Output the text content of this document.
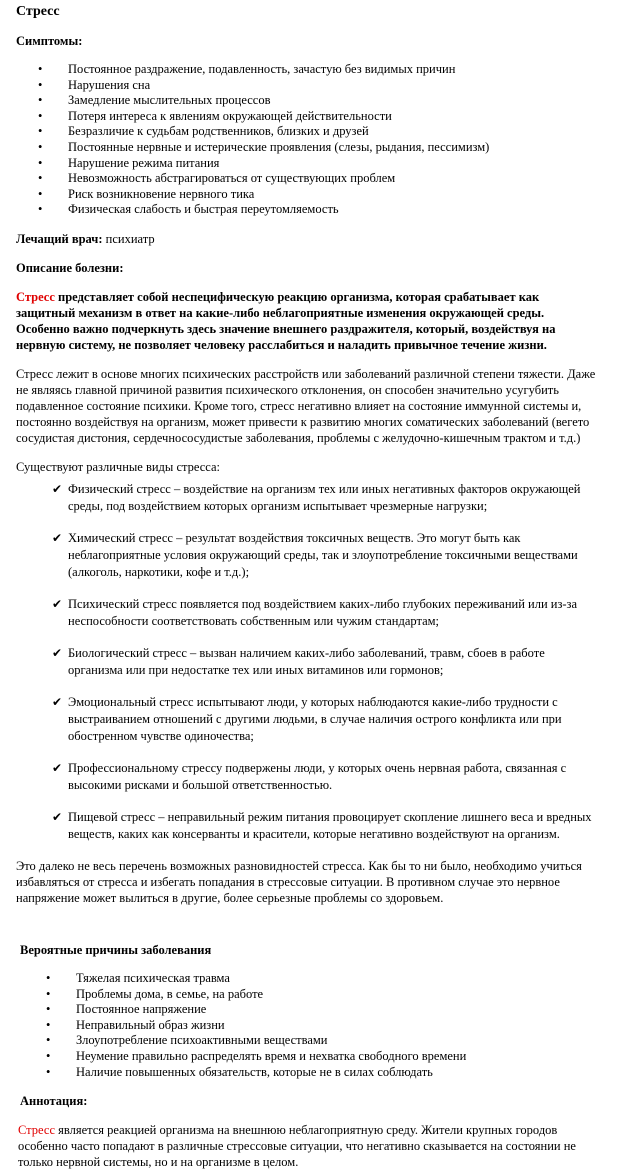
Стресс
Симптомы:
• Постоянное раздражение, подавленность, зачастую без видимых причин
• Нарушения сна
• Замедление мыслительных процессов
• Потеря интереса к явлениям окружающей действительности
• Безразличие к судьбам родственников, близких и друзей
• Постоянные нервные и истерические проявления (слезы, рыдания, пессимизм)
• Нарушение режима питания
• Невозможность абстрагироваться от существующих проблем
• Риск возникновение нервного тика
• Физическая слабость и быстрая переутомляемость
Лечащий врач: психиатр
Описание болезни:
Стресс представляет собой неспецифическую реакцию организма, которая срабатывает как защитный механизм в ответ на какие-либо неблагоприятные изменения окружающей среды. Особенно важно подчеркнуть здесь значение внешнего раздражителя, который, воздействуя на нервную систему, не позволяет человеку расслабиться и наладить привычное течение жизни.
Стресс лежит в основе многих психических расстройств или заболеваний различной степени тяжести. Даже не являясь главной причиной развития психического отклонения, он способен значительно усугубить подавленное состояние психики. Кроме того, стресс негативно влияет на состояние иммунной системы и, постоянно воздействуя на организм, может привести к развитию многих соматических заболеваний (вегето сосудистая дистония, сердечнососудистые заболевания, проблемы с желудочно-кишечным трактом и т.д.)
Существуют различные виды стресса:
✔ Физический стресс – воздействие на организм тех или иных негативных факторов окружающей среды, под воздействием которых организм испытывает чрезмерные нагрузки;
✔ Химический стресс – результат воздействия токсичных веществ. Это могут быть как неблагоприятные условия окружающий среды, так и злоупотребление токсичными веществами (алкоголь, наркотики, кофе и т.д.);
✔ Психический стресс появляется под воздействием каких-либо глубоких переживаний или из-за неспособности соответствовать собственным или чужим стандартам;
✔ Биологический стресс – вызван наличием каких-либо заболеваний, травм, сбоев в работе организма или при недостатке тех или иных витаминов или гормонов;
✔ Эмоциональный стресс испытывают люди, у которых наблюдаются какие-либо трудности с выстраиванием отношений с другими людьми, в случае наличия острого конфликта или при обостренном чувстве одиночества;
✔ Профессиональному стрессу подвержены люди, у которых очень нервная работа, связанная с высокими рисками и большой ответственностью.
✔ Пищевой стресс – неправильный режим питания провоцирует скопление лишнего веса и вредных веществ, каких как консерванты и красители, которые негативно воздействуют на организм.
Это далеко не весь перечень возможных разновидностей стресса. Как бы то ни было, необходимо учиться избавляться от стресса и избегать попадания в стрессовые ситуации. В противном случае это нервное напряжение может вылиться в другие, более серьезные проблемы со здоровьем.
Вероятные причины заболевания
• Тяжелая психическая травма
• Проблемы дома, в семье, на работе
• Постоянное напряжение
• Неправильный образ жизни
• Злоупотребление психоактивными веществами
• Неумение правильно распределять время и нехватка свободного времени
• Наличие повышенных обязательств, которые не в силах соблюдать
Аннотация:
Стресс является реакцией организма на внешнюю неблагоприятную среду. Жители крупных городов особенно часто попадают в различные стрессовые ситуации, что негативно сказывается на состоянии не только нервной системы, но и на организме в целом.
